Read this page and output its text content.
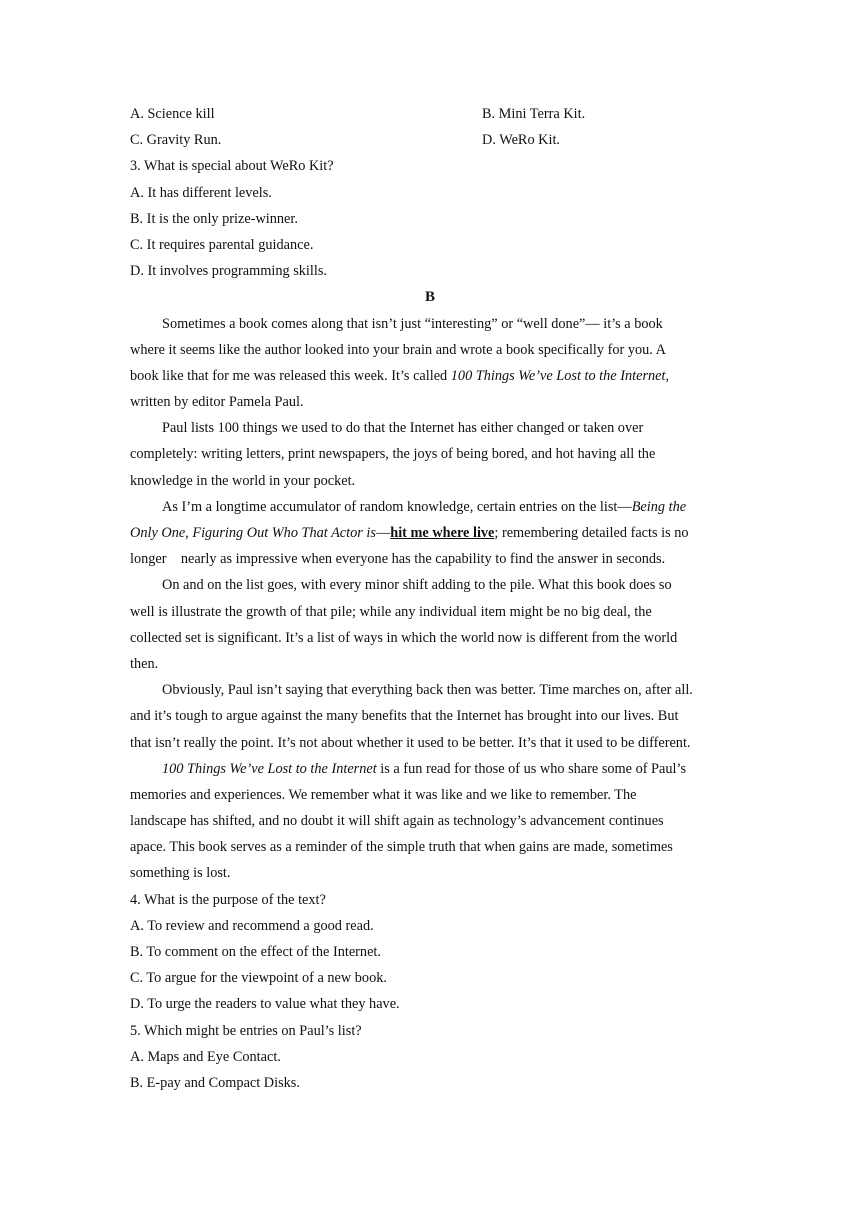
A. Science kill	B. Mini Terra Kit.
C. Gravity Run.	D. WeRo Kit.
3. What is special about WeRo Kit?
A. It has different levels.
B. It is the only prize-winner.
C. It requires parental guidance.
D. It involves programming skills.
B
Sometimes a book comes along that isn’t just “interesting” or “well done”— it’s a book
where it seems like the author looked into your brain and wrote a book specifically for you. A
book like that for me was released this week. It’s called 100 Things We’ve Lost to the Internet,
written by editor Pamela Paul.
Paul lists 100 things we used to do that the Internet has either changed or taken over
completely: writing letters, print newspapers, the joys of being bored, and hot having all the
knowledge in the world in your pocket.
As I’m a longtime accumulator of random knowledge, certain entries on the list—Being the
Only One, Figuring Out Who That Actor is—hit me where live; remembering detailed facts is no
longer    nearly as impressive when everyone has the capability to find the answer in seconds.
On and on the list goes, with every minor shift adding to the pile. What this book does so
well is illustrate the growth of that pile; while any individual item might be no big deal, the
collected set is significant. It’s a list of ways in which the world now is different from the world
then.
Obviously, Paul isn’t saying that everything back then was better. Time marches on, after all.
and it’s tough to argue against the many benefits that the Internet has brought into our lives. But
that isn’t really the point. It’s not about whether it used to be better. It’s that it used to be different.
100 Things We’ve Lost to the Internet is a fun read for those of us who share some of Paul’s
memories and experiences. We remember what it was like and we like to remember. The
landscape has shifted, and no doubt it will shift again as technology’s advancement continues
apace. This book serves as a reminder of the simple truth that when gains are made, sometimes
something is lost.
4. What is the purpose of the text?
A. To review and recommend a good read.
B. To comment on the effect of the Internet.
C. To argue for the viewpoint of a new book.
D. To urge the readers to value what they have.
5. Which might be entries on Paul’s list?
A. Maps and Eye Contact.
B. E-pay and Compact Disks.
